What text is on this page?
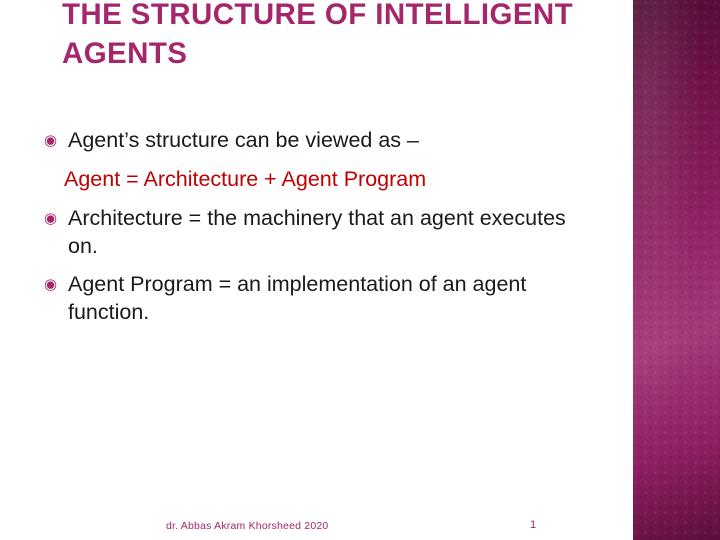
THE STRUCTURE OF INTELLIGENT AGENTS
◉ Agent’s structure can be viewed as –
Agent = Architecture + Agent Program
◉ Architecture = the machinery that an agent executes on.
◉ Agent Program = an implementation of an agent function.
dr. Abbas Akram Khorsheed 2020	1
